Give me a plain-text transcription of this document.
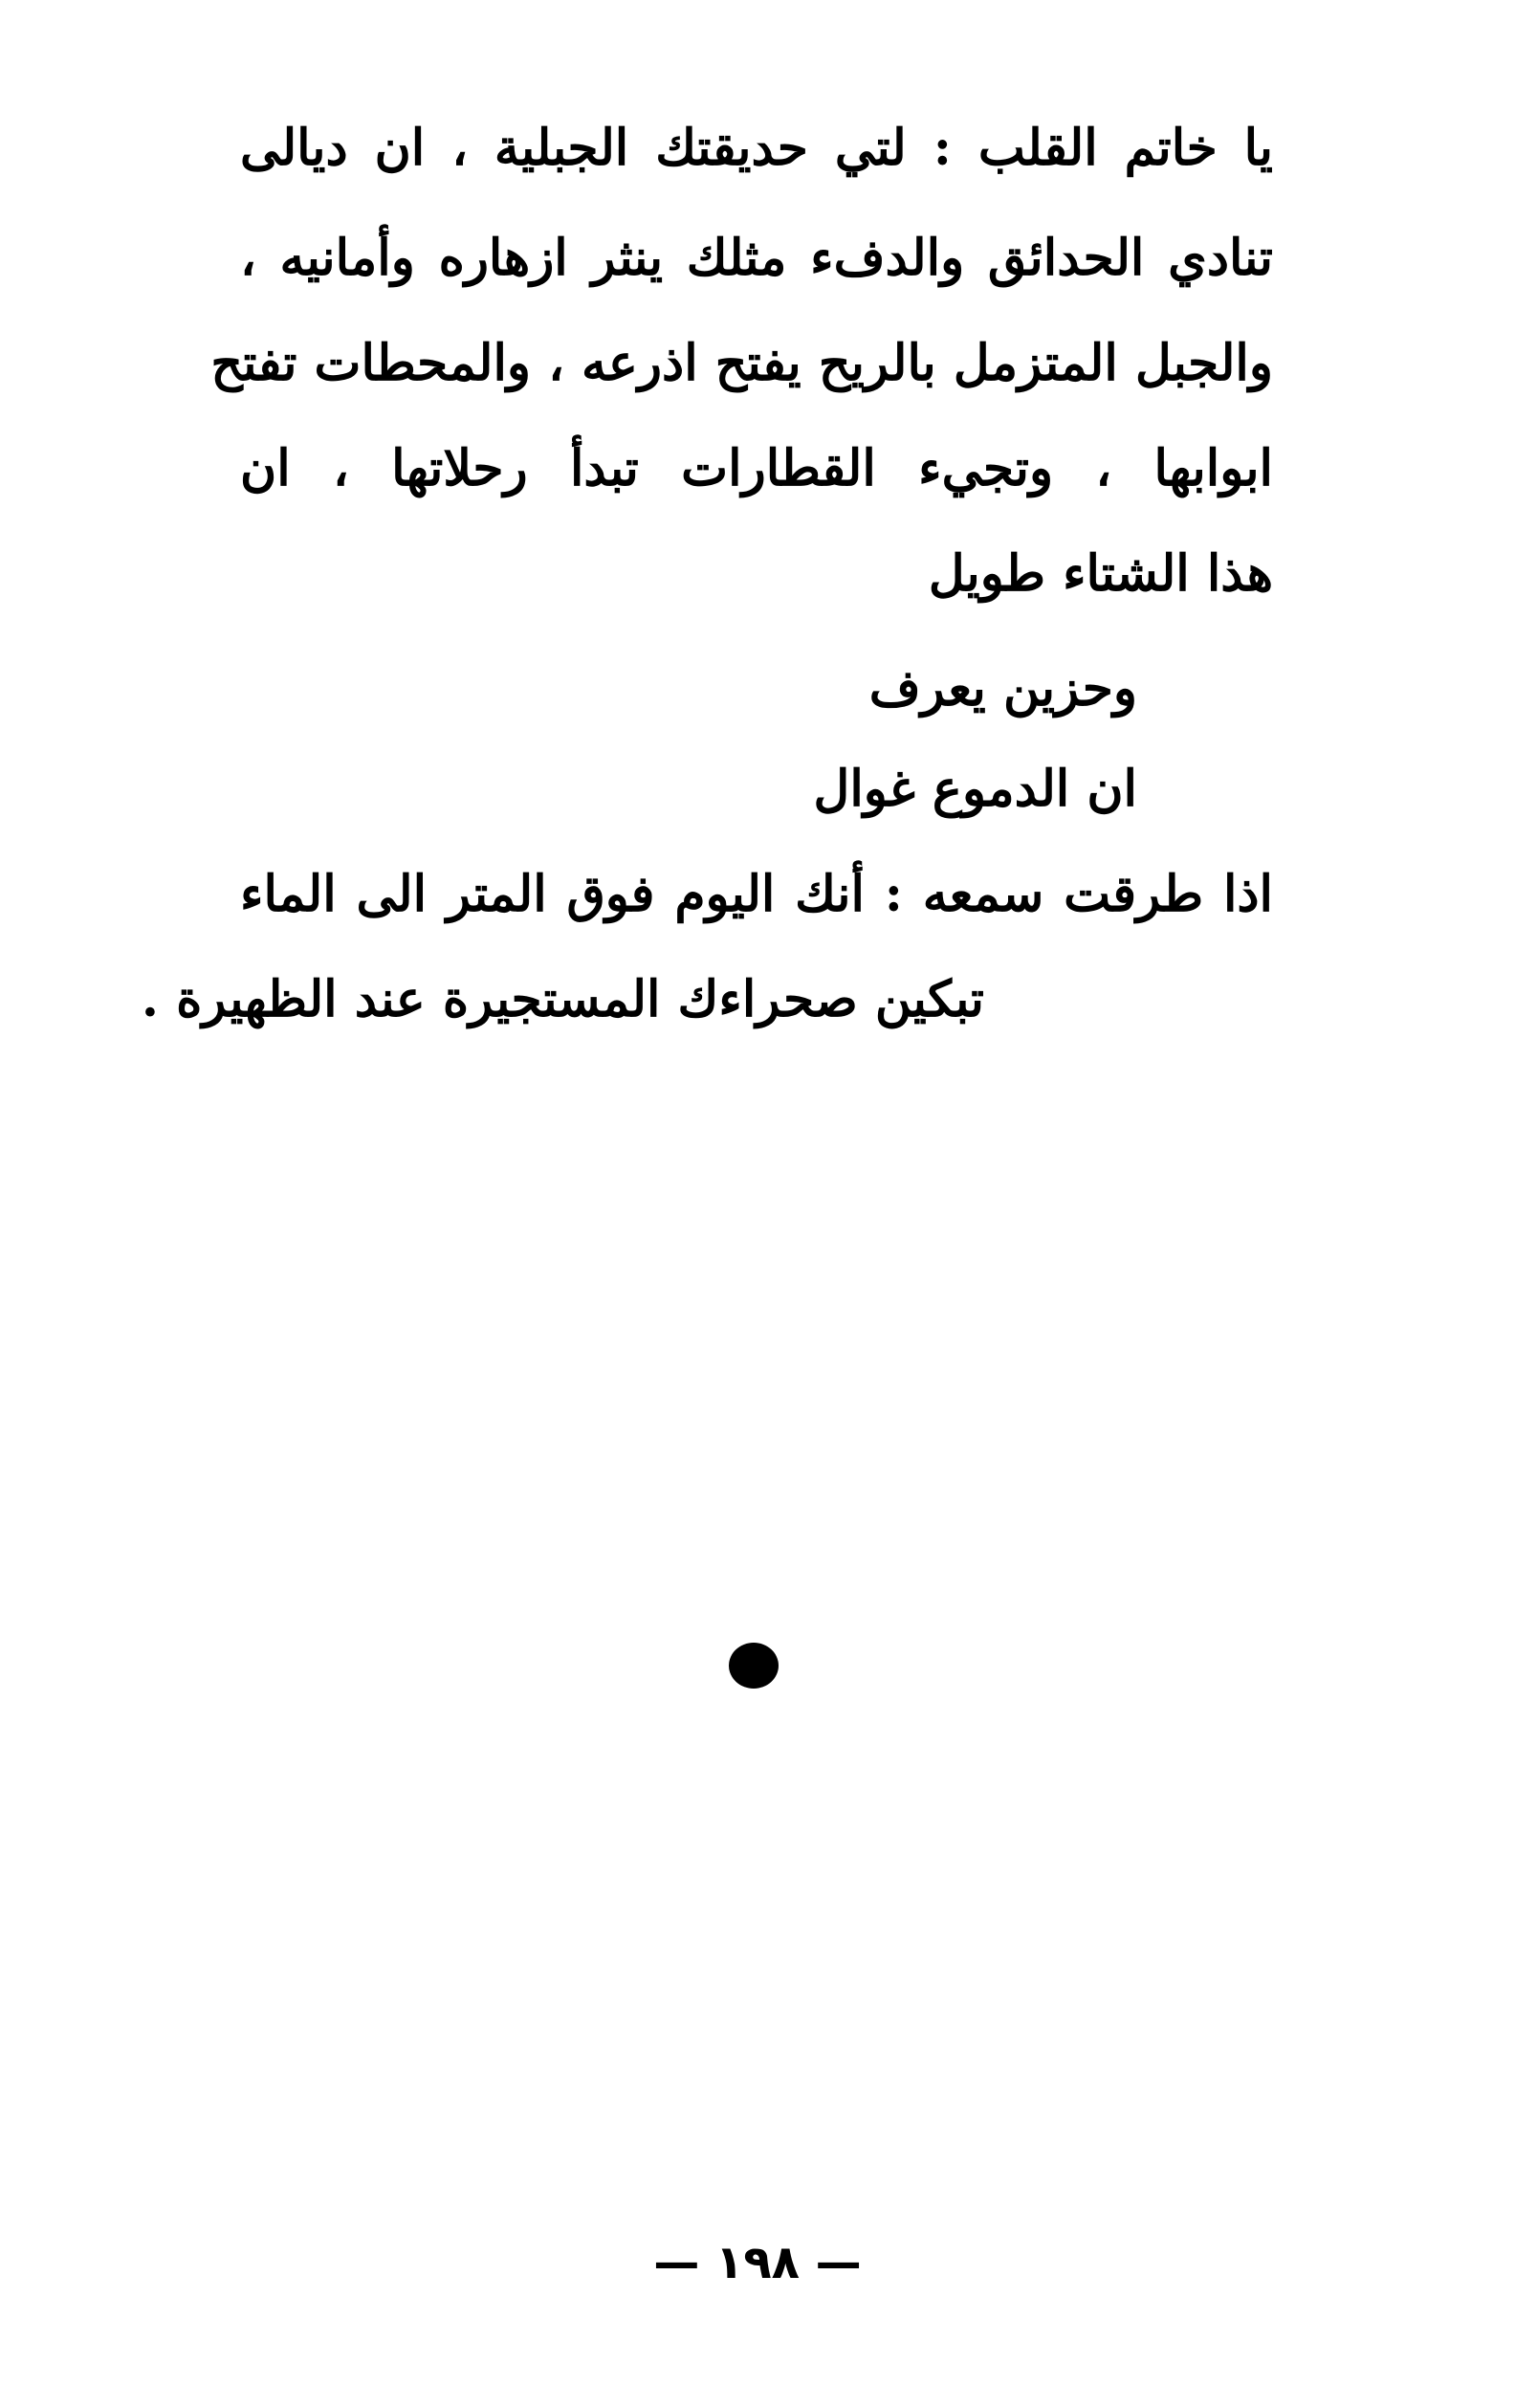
يا خاتم القلب : لتي حديقتك الجبلية ، ان ديالى
تنادي الحدائق والدفء مثلك ينثر ازهاره وأمانيه ،
والجبل المتزمل بالريح يفتح اذرعه ، والمحطات تفتح
ابوابها ، وتجيء القطارات تبدأ رحلاتها ، ان
هذا الشتاء طويل
وحزين يعرف
ان الدموع غوال
اذا طرقت سمعه : أنك اليوم فوق المتر الى الماء
تبكين صحراءك المستجيرة عند الظهيرة .
— ١٩٨ —
